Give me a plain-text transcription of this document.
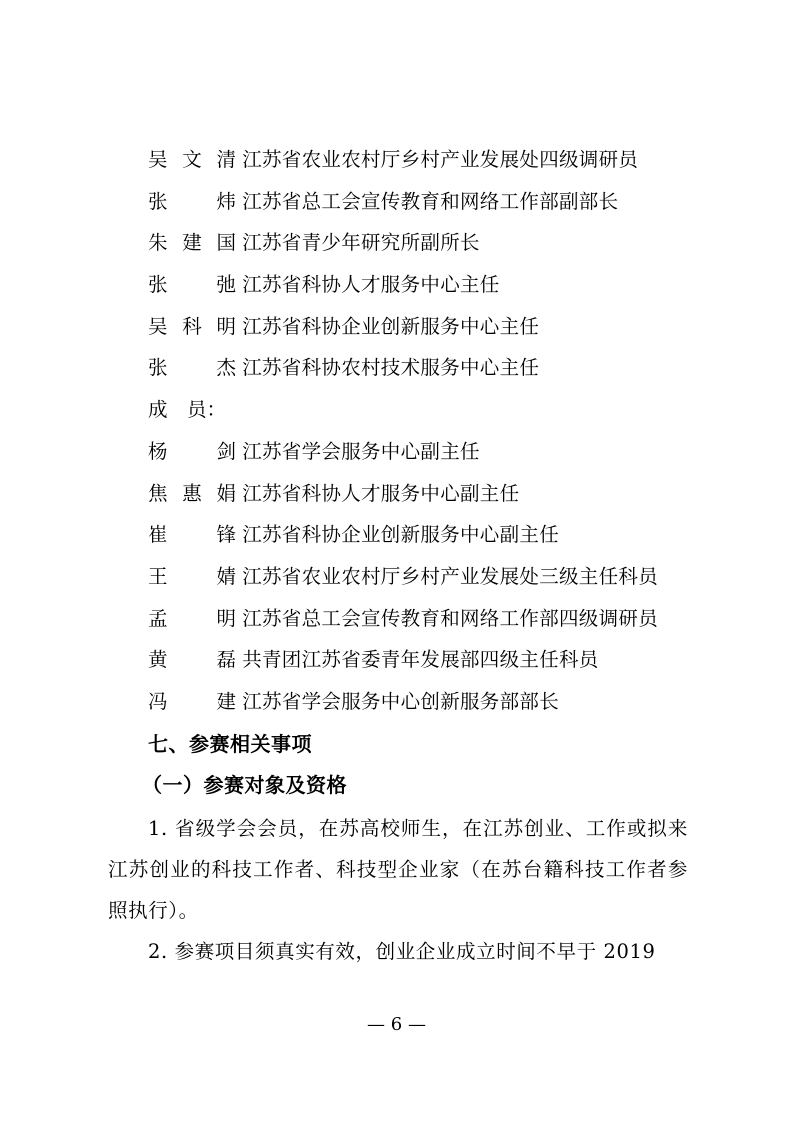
吴文清 江苏省农业农村厅乡村产业发展处四级调研员
张　炜 江苏省总工会宣传教育和网络工作部副部长
朱建国 江苏省青少年研究所副所长
张　弛 江苏省科协人才服务中心主任
吴科明 江苏省科协企业创新服务中心主任
张　杰 江苏省科协农村技术服务中心主任
成　员：
杨　剑 江苏省学会服务中心副主任
焦惠娟 江苏省科协人才服务中心副主任
崔　锋 江苏省科协企业创新服务中心副主任
王　婧 江苏省农业农村厅乡村产业发展处三级主任科员
孟　明 江苏省总工会宣传教育和网络工作部四级调研员
黄　磊 共青团江苏省委青年发展部四级主任科员
冯　建 江苏省学会服务中心创新服务部部长
七、参赛相关事项
（一）参赛对象及资格
1. 省级学会会员，在苏高校师生，在江苏创业、工作或拟来江苏创业的科技工作者、科技型企业家（在苏台籍科技工作者参照执行）。
2. 参赛项目须真实有效，创业企业成立时间不早于 2019
— 6 —
